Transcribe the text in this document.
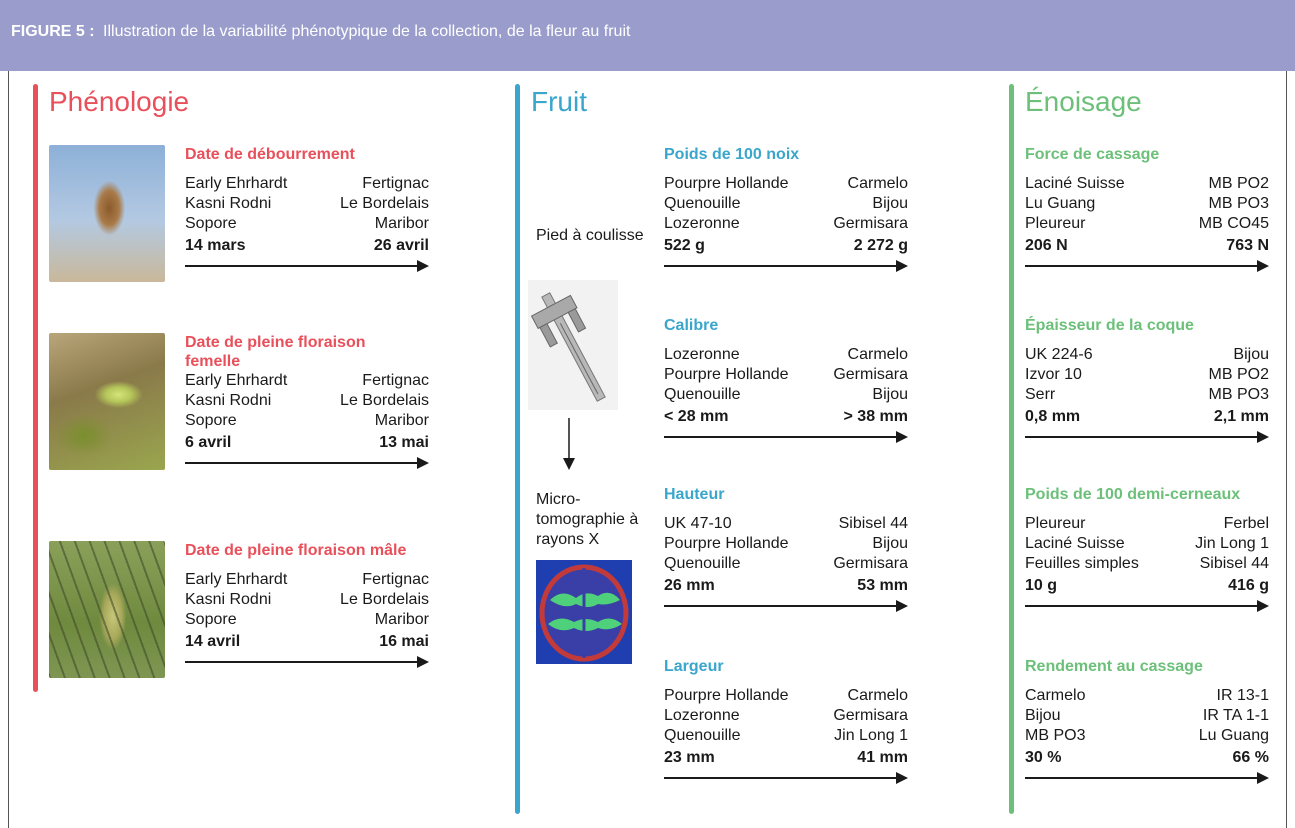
FIGURE 5 : Illustration de la variabilité phénotypique de la collection, de la fleur au fruit
Phénologie
Date de débourrement
Early Ehrhardt	Fertignac
Kasni Rodni	Le Bordelais
Sopore	Maribor
14 mars	26 avril
Date de pleine floraison femelle
Early Ehrhardt	Fertignac
Kasni Rodni	Le Bordelais
Sopore	Maribor
6 avril	13 mai
Date de pleine floraison mâle
Early Ehrhardt	Fertignac
Kasni Rodni	Le Bordelais
Sopore	Maribor
14 avril	16 mai
Fruit
Pied à coulisse
Micro-tomographie à rayons X
Poids de 100 noix
Pourpre Hollande	Carmelo
Quenouille	Bijou
Lozeronne	Germisara
522 g	2 272 g
Calibre
Lozeronne	Carmelo
Pourpre Hollande	Germisara
Quenouille	Bijou
< 28 mm	> 38 mm
Hauteur
UK 47-10	Sibisel 44
Pourpre Hollande	Bijou
Quenouille	Germisara
26 mm	53 mm
Largeur
Pourpre Hollande	Carmelo
Lozeronne	Germisara
Quenouille	Jin Long 1
23 mm	41 mm
Énoisage
Force de cassage
Laciné Suisse	MB PO2
Lu Guang	MB PO3
Pleureur	MB CO45
206 N	763 N
Épaisseur de la coque
UK 224-6	Bijou
Izvor 10	MB PO2
Serr	MB PO3
0,8 mm	2,1 mm
Poids de 100 demi-cerneaux
Pleureur	Ferbel
Laciné Suisse	Jin Long 1
Feuilles simples	Sibisel 44
10 g	416 g
Rendement au cassage
Carmelo	IR 13-1
Bijou	IR TA 1-1
MB PO3	Lu Guang
30 %	66 %
